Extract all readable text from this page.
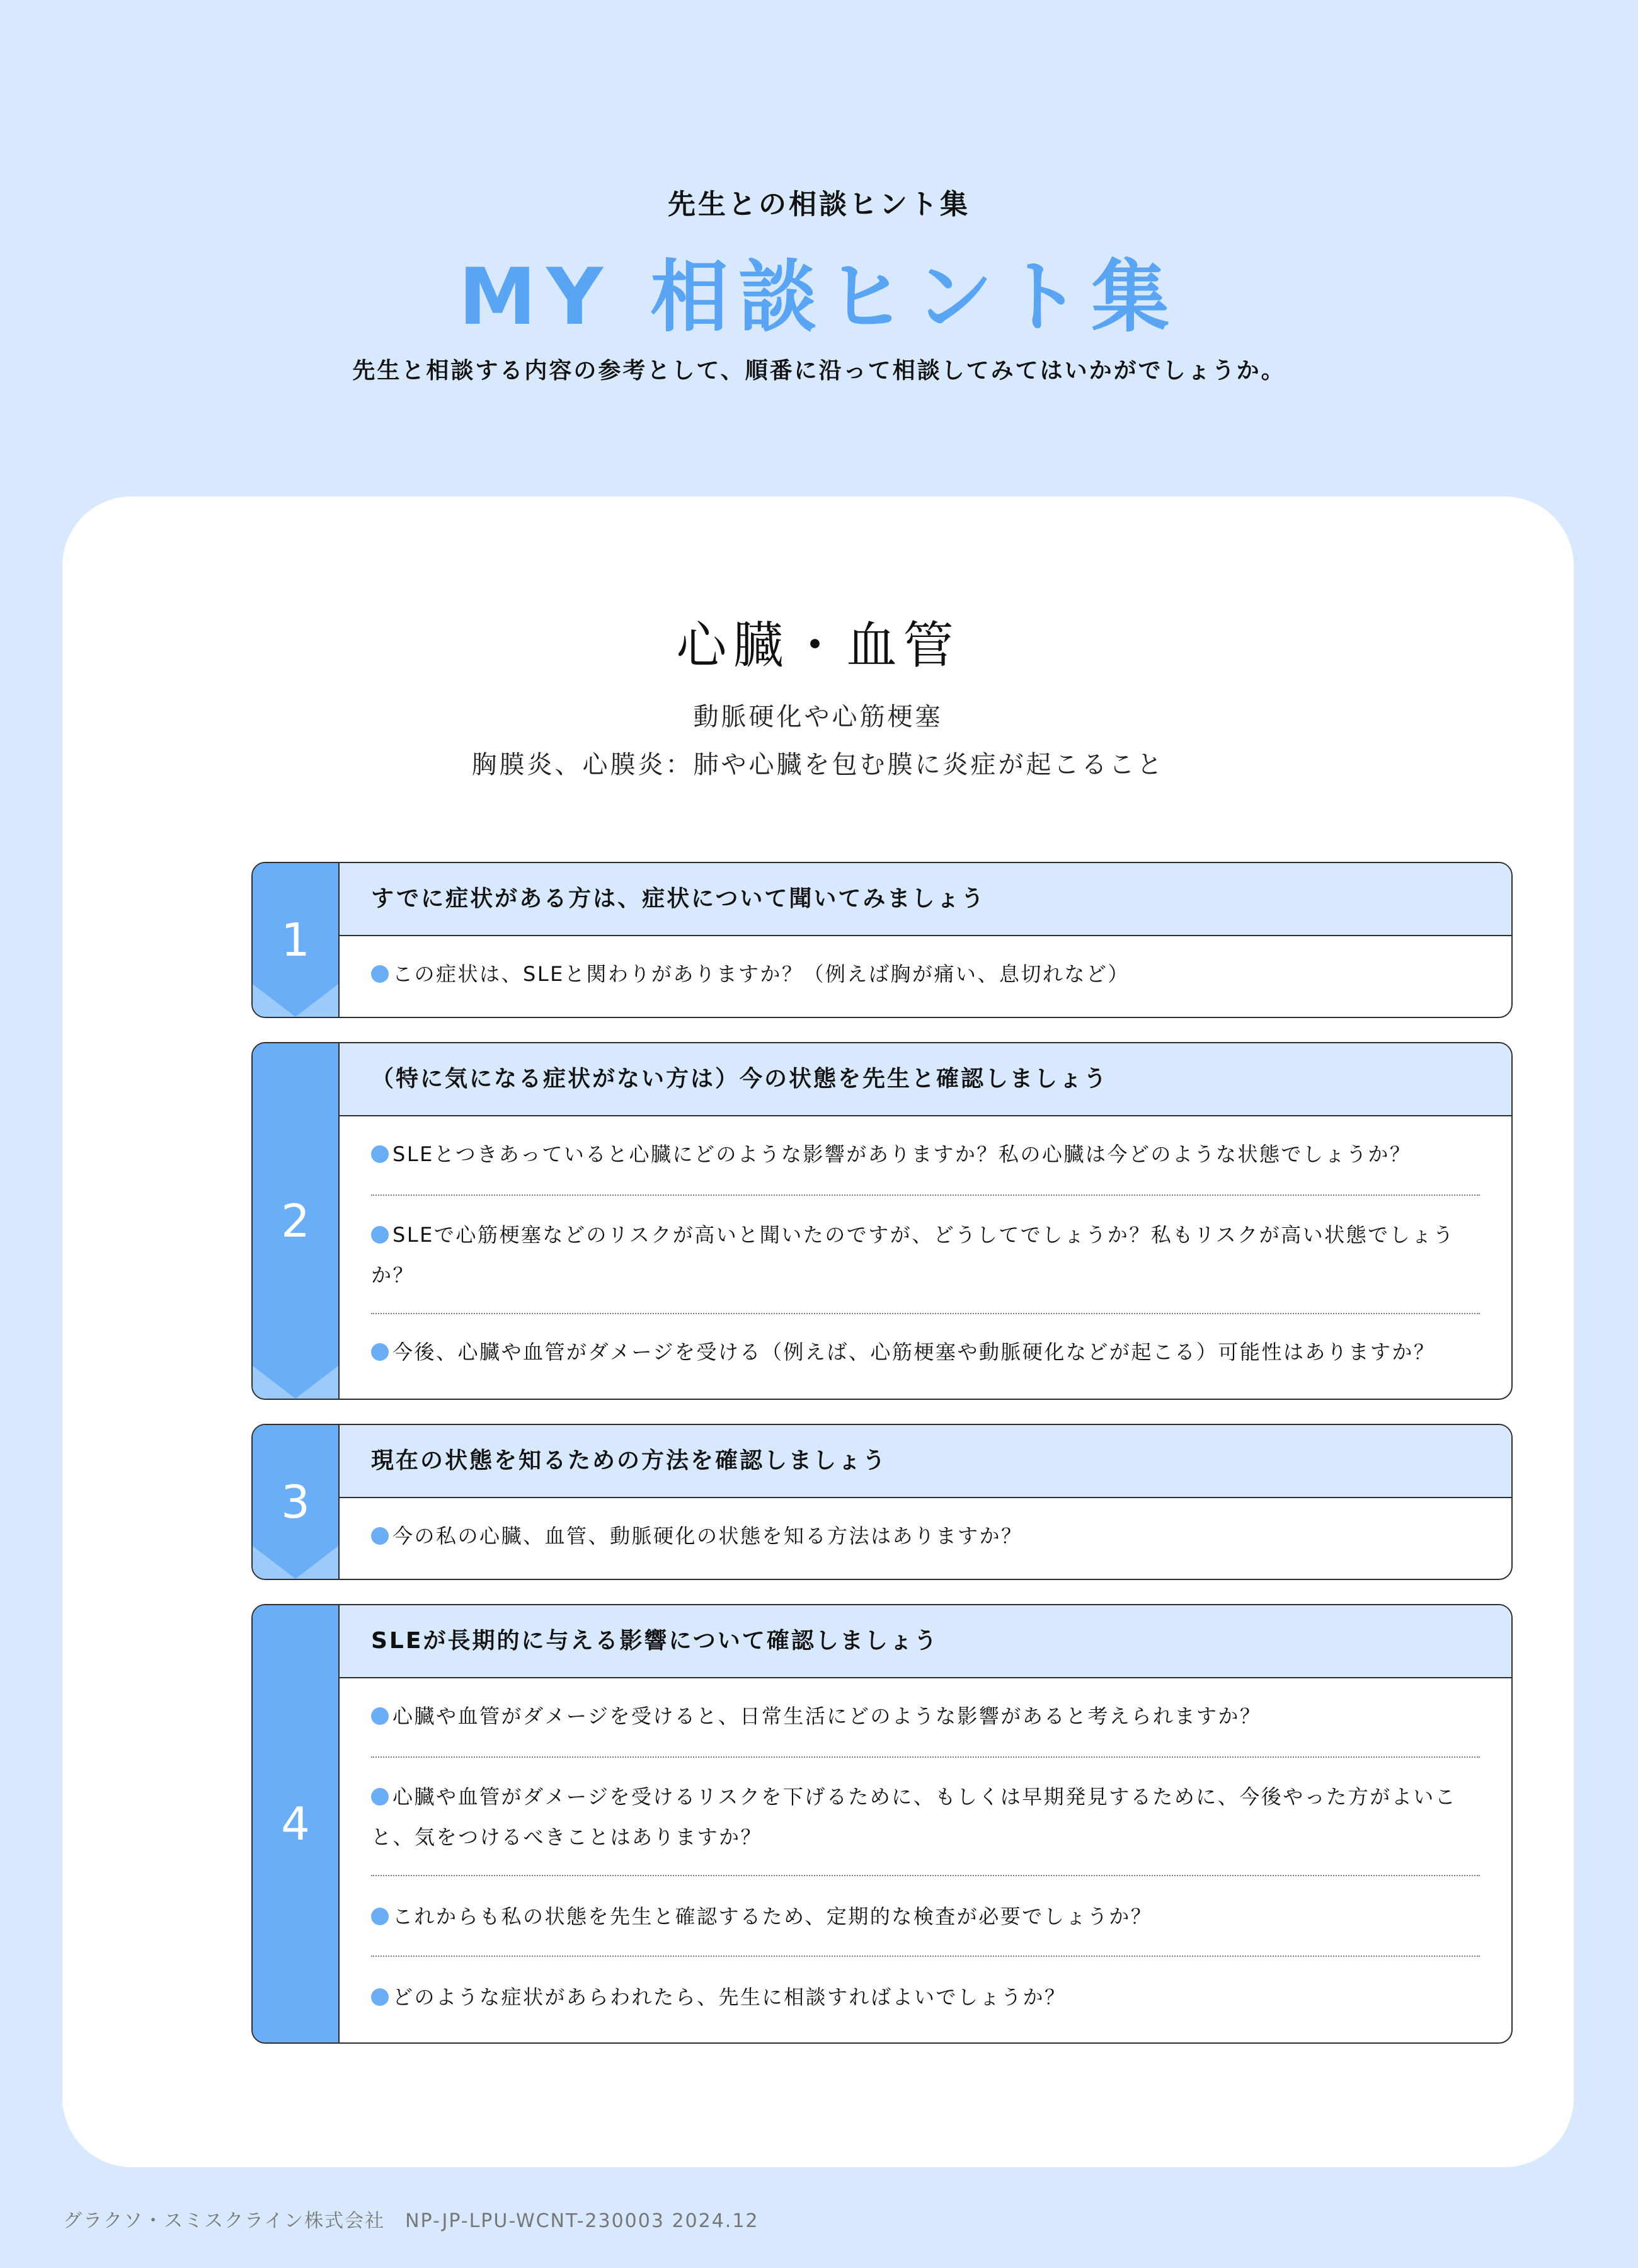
先生との相談ヒント集
MY 相談ヒント集
先生と相談する内容の参考として、順番に沿って相談してみてはいかがでしょうか。
心臓・血管
動脈硬化や心筋梗塞
胸膜炎、心膜炎：肺や心臓を包む膜に炎症が起こること
1
すでに症状がある方は、症状について聞いてみましょう
この症状は、SLEと関わりがありますか？（例えば胸が痛い、息切れなど）
2
（特に気になる症状がない方は）今の状態を先生と確認しましょう
SLEとつきあっていると心臓にどのような影響がありますか？私の心臓は今どのような状態でしょうか？
SLEで心筋梗塞などのリスクが高いと聞いたのですが、どうしてでしょうか？私もリスクが高い状態でしょうか？
今後、心臓や血管がダメージを受ける（例えば、心筋梗塞や動脈硬化などが起こる）可能性はありますか？
3
現在の状態を知るための方法を確認しましょう
今の私の心臓、血管、動脈硬化の状態を知る方法はありますか？
4
SLEが長期的に与える影響について確認しましょう
心臓や血管がダメージを受けると、日常生活にどのような影響があると考えられますか？
心臓や血管がダメージを受けるリスクを下げるために、もしくは早期発見するために、今後やった方がよいこと、気をつけるべきことはありますか？
これからも私の状態を先生と確認するため、定期的な検査が必要でしょうか？
どのような症状があらわれたら、先生に相談すればよいでしょうか？
グラクソ・スミスクライン株式会社　NP-JP-LPU-WCNT-230003 2024.12
